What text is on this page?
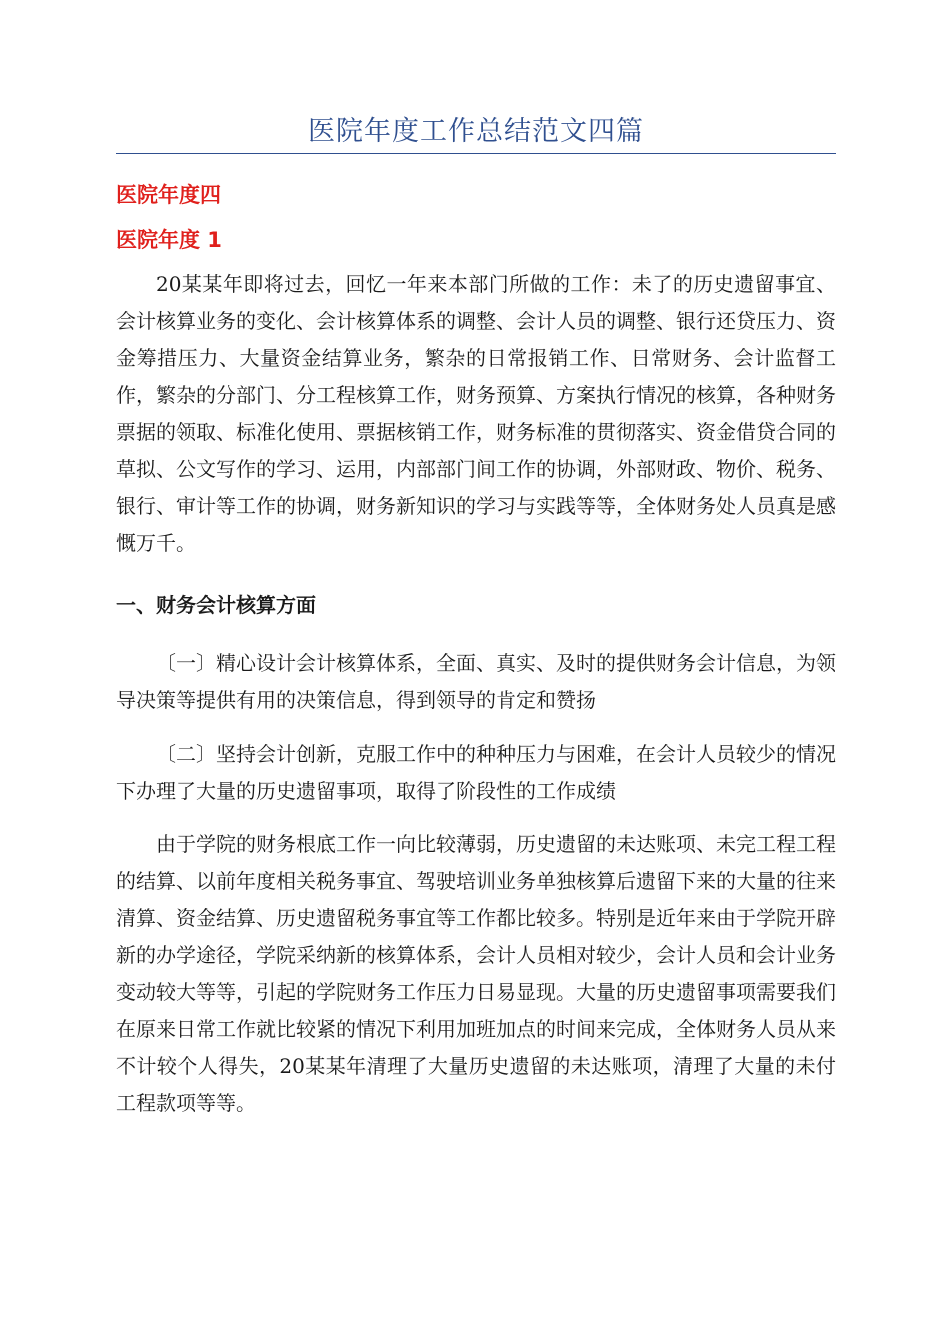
医院年度工作总结范文四篇
医院年度四
医院年度 1

20某某年即将过去，回忆一年来本部门所做的工作：未了的历史遗留事宜、会计核算业务的变化、会计核算体系的调整、会计人员的调整、银行还贷压力、资金筹措压力、大量资金结算业务，繁杂的日常报销工作、日常财务、会计监督工作，繁杂的分部门、分工程核算工作，财务预算、方案执行情况的核算，各种财务票据的领取、标准化使用、票据核销工作，财务标准的贯彻落实、资金借贷合同的草拟、公文写作的学习、运用，内部部门间工作的协调，外部财政、物价、税务、银行、审计等工作的协调，财务新知识的学习与实践等等，全体财务处人员真是感慨万千。

一、财务会计核算方面

〔一〕精心设计会计核算体系，全面、真实、及时的提供财务会计信息，为领导决策等提供有用的决策信息，得到领导的肯定和赞扬

〔二〕坚持会计创新，克服工作中的种种压力与困难，在会计人员较少的情况下办理了大量的历史遗留事项，取得了阶段性的工作成绩

由于学院的财务根底工作一向比较薄弱，历史遗留的未达账项、未完工程工程的结算、以前年度相关税务事宜、驾驶培训业务单独核算后遗留下来的大量的往来清算、资金结算、历史遗留税务事宜等工作都比较多。特别是近年来由于学院开辟新的办学途径，学院采纳新的核算体系，会计人员相对较少，会计人员和会计业务变动较大等等，引起的学院财务工作压力日易显现。大量的历史遗留事项需要我们在原来日常工作就比较紧的情况下利用加班加点的时间来完成，全体财务人员从来不计较个人得失，20某某年清理了大量历史遗留的未达账项，清理了大量的未付工程款项等等。
